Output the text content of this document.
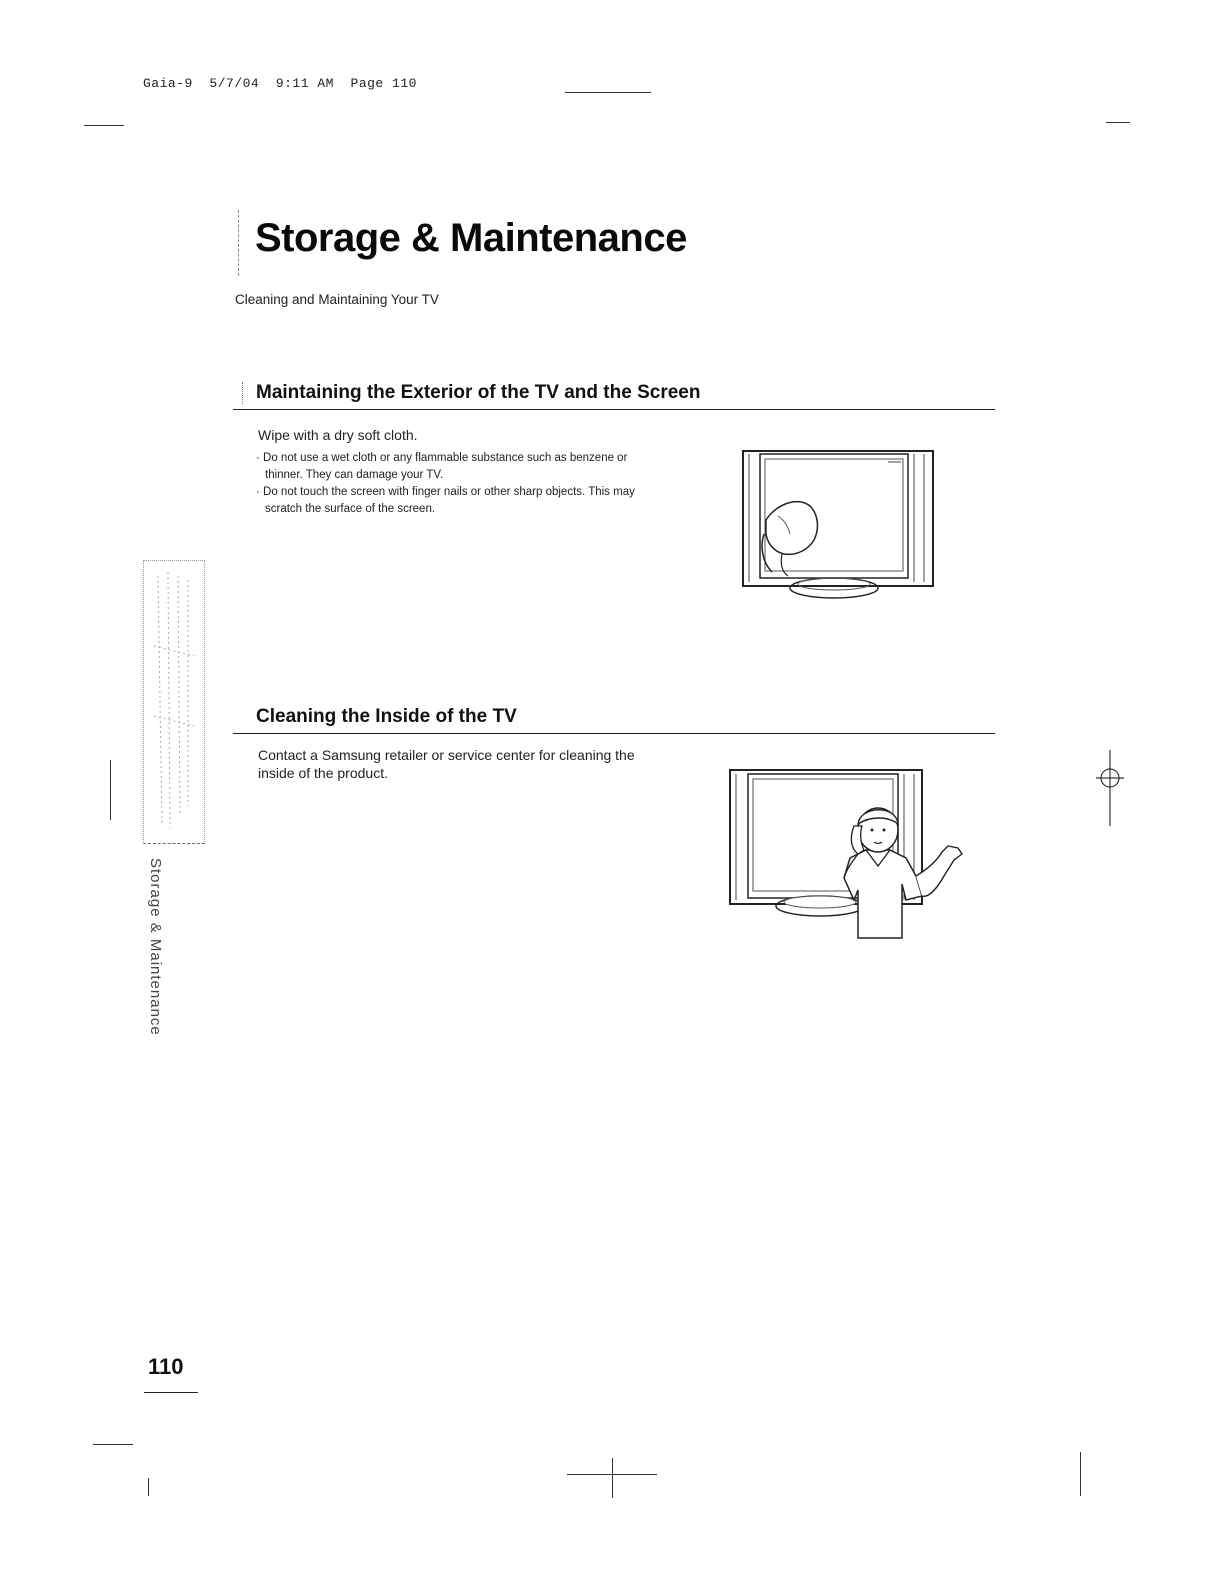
Gaia-9  5/7/04  9:11 AM  Page 110
Storage & Maintenance
Cleaning and Maintaining Your TV
Maintaining the Exterior of the TV and the Screen
Wipe with a dry soft cloth.
· Do not use a wet cloth or any flammable substance such as benzene or thinner. They can damage your TV.
· Do not touch the screen with finger nails or other sharp objects. This may scratch the surface of the screen.
Storage & Maintenance
Cleaning the Inside of the TV
Contact a Samsung retailer or service center for cleaning the inside of the product.
110
